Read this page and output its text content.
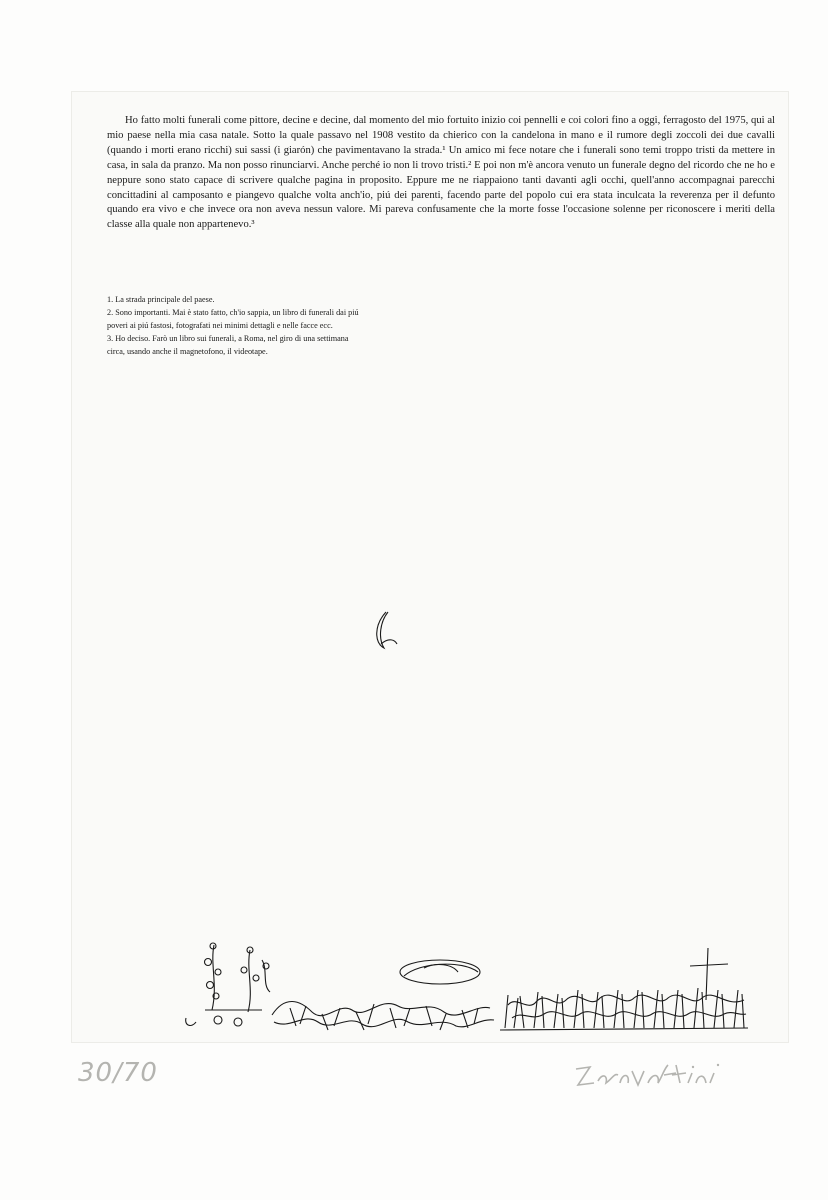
Ho fatto molti funerali come pittore, decine e decine, dal momento del mio fortuito inizio coi pennelli e coi colori fino a oggi, ferragosto del 1975, qui al mio paese nella mia casa natale. Sotto la quale passavo nel 1908 vestito da chierico con la candelona in mano e il rumore degli zoccoli dei due cavalli (quando i morti erano ricchi) sui sassi (i giarón) che pavimentavano la strada.¹ Un amico mi fece notare che i funerali sono temi troppo tristi da mettere in casa, in sala da pranzo. Ma non posso rinunciarvi. Anche perché io non li trovo tristi.² E poi non m'è ancora venuto un funerale degno del ricordo che ne ho e neppure sono stato capace di scrivere qualche pagina in proposito. Eppure me ne riappaiono tanti davanti agli occhi, quell'anno accompagnai parecchi concittadini al camposanto e piangevo qualche volta anch'io, piú dei parenti, facendo parte del popolo cui era stata inculcata la reverenza per il defunto quando era vivo e che invece ora non aveva nessun valore. Mi pareva confusamente che la morte fosse l'occasione solenne per riconoscere i meriti della classe alla quale non appartenevo.³

1. La strada principale del paese.
2. Sono importanti. Mai è stato fatto, ch'io sappia, un libro di funerali dai piú poveri ai piú fastosi, fotografati nei minimi dettagli e nelle facce ecc.
3. Ho deciso. Farò un libro sui funerali, a Roma, nel giro di una settimana circa, usando anche il magnetofono, il videotape.
30/70
